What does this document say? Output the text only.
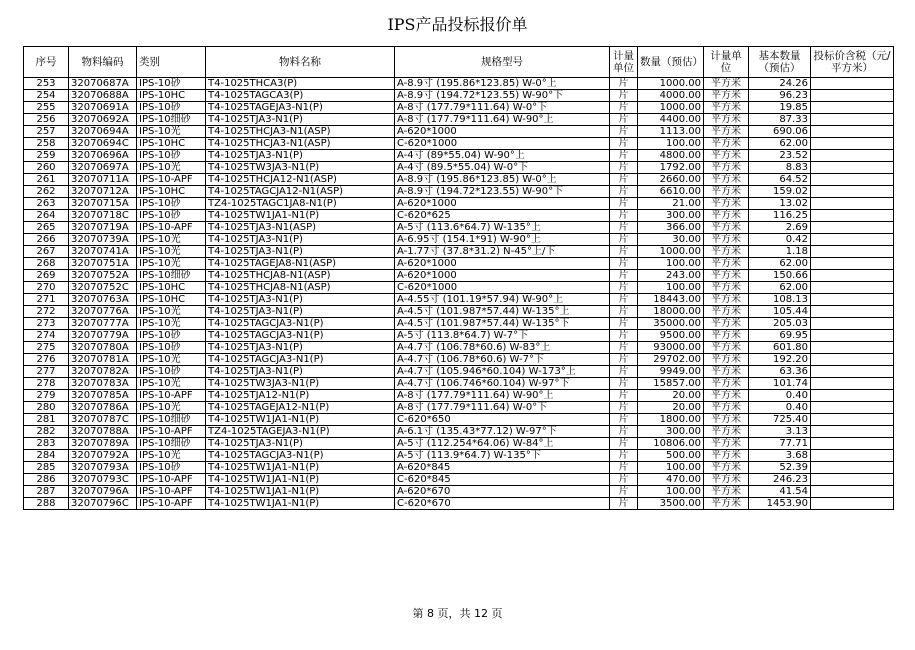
IPS产品投标报价单
序号	物料编码	类别	物料名称	规格型号	计量单位	数量（预估）	计量单位	基本数量（预估）	投标价含税（元/平方米）
253	32070687A	IPS-10砂	T4-1025THCA3(P)	A-8.9寸 (195.86*123.85) W-0°上	片	1000.00	平方米	24.26	
254	32070688A	IPS-10HC	T4-1025TAGCA3(P)	A-8.9寸 (194.72*123.55) W-90°下	片	4000.00	平方米	96.23	
255	32070691A	IPS-10砂	T4-1025TAGEJA3-N1(P)	A-8寸 (177.79*111.64) W-0°下	片	1000.00	平方米	19.85	
256	32070692A	IPS-10细砂	T4-1025TJA3-N1(P)	A-8寸 (177.79*111.64) W-90°上	片	4400.00	平方米	87.33	
257	32070694A	IPS-10光	T4-1025THCJA3-N1(ASP)	A-620*1000	片	1113.00	平方米	690.06	
258	32070694C	IPS-10HC	T4-1025THCJA3-N1(ASP)	C-620*1000	片	100.00	平方米	62.00	
259	32070696A	IPS-10砂	T4-1025TJA3-N1(P)	A-4寸 (89*55.04) W-90°上	片	4800.00	平方米	23.52	
260	32070697A	IPS-10光	T4-1025TW3JA3-N1(P)	A-4寸 (89.5*55.04) W-0°下	片	1792.00	平方米	8.83	
261	32070711A	IPS-10-APF	T4-1025THCJA12-N1(ASP)	A-8.9寸 (195.86*123.85) W-0°上	片	2660.00	平方米	64.52	
262	32070712A	IPS-10HC	T4-1025TAGCJA12-N1(ASP)	A-8.9寸 (194.72*123.55) W-90°下	片	6610.00	平方米	159.02	
263	32070715A	IPS-10砂	TZ4-1025TAGC1JA8-N1(P)	A-620*1000	片	21.00	平方米	13.02	
264	32070718C	IPS-10砂	T4-1025TW1JA1-N1(P)	C-620*625	片	300.00	平方米	116.25	
265	32070719A	IPS-10-APF	T4-1025TJA3-N1(ASP)	A-5寸 (113.6*64.7) W-135°上	片	366.00	平方米	2.69	
266	32070739A	IPS-10光	T4-1025TJA3-N1(P)	A-6.95寸 (154.1*91) W-90°上	片	30.00	平方米	0.42	
267	32070741A	IPS-10光	T4-1025TJA3-N1(P)	A-1.77寸 (37.8*31.2) N-45°上/下	片	1000.00	平方米	1.18	
268	32070751A	IPS-10光	T4-1025TAGEJA8-N1(ASP)	A-620*1000	片	100.00	平方米	62.00	
269	32070752A	IPS-10细砂	T4-1025THCJA8-N1(ASP)	A-620*1000	片	243.00	平方米	150.66	
270	32070752C	IPS-10HC	T4-1025THCJA8-N1(ASP)	C-620*1000	片	100.00	平方米	62.00	
271	32070763A	IPS-10HC	T4-1025TJA3-N1(P)	A-4.55寸 (101.19*57.94) W-90°上	片	18443.00	平方米	108.13	
272	32070776A	IPS-10光	T4-1025TJA3-N1(P)	A-4.5寸 (101.987*57.44) W-135°上	片	18000.00	平方米	105.44	
273	32070777A	IPS-10光	T4-1025TAGCJA3-N1(P)	A-4.5寸 (101.987*57.44) W-135°下	片	35000.00	平方米	205.03	
274	32070779A	IPS-10砂	T4-1025TAGCJA3-N1(P)	A-5寸 (113.8*64.7) W-7°下	片	9500.00	平方米	69.95	
275	32070780A	IPS-10砂	T4-1025TJA3-N1(P)	A-4.7寸 (106.78*60.6) W-83°上	片	93000.00	平方米	601.80	
276	32070781A	IPS-10光	T4-1025TAGCJA3-N1(P)	A-4.7寸 (106.78*60.6) W-7°下	片	29702.00	平方米	192.20	
277	32070782A	IPS-10砂	T4-1025TJA3-N1(P)	A-4.7寸 (105.946*60.104) W-173°上	片	9949.00	平方米	63.36	
278	32070783A	IPS-10光	T4-1025TW3JA3-N1(P)	A-4.7寸 (106.746*60.104) W-97°下	片	15857.00	平方米	101.74	
279	32070785A	IPS-10-APF	T4-1025TJA12-N1(P)	A-8寸 (177.79*111.64) W-90°上	片	20.00	平方米	0.40	
280	32070786A	IPS-10光	T4-1025TAGEJA12-N1(P)	A-8寸 (177.79*111.64) W-0°下	片	20.00	平方米	0.40	
281	32070787C	IPS-10细砂	T4-1025TW1JA1-N1(P)	C-620*650	片	1800.00	平方米	725.40	
282	32070788A	IPS-10-APF	TZ4-1025TAGEJA3-N1(P)	A-6.1寸 (135.43*77.12) W-97°下	片	300.00	平方米	3.13	
283	32070789A	IPS-10细砂	T4-1025TJA3-N1(P)	A-5寸 (112.254*64.06) W-84°上	片	10806.00	平方米	77.71	
284	32070792A	IPS-10光	T4-1025TAGCJA3-N1(P)	A-5寸 (113.9*64.7) W-135°下	片	500.00	平方米	3.68	
285	32070793A	IPS-10砂	T4-1025TW1JA1-N1(P)	A-620*845	片	100.00	平方米	52.39	
286	32070793C	IPS-10-APF	T4-1025TW1JA1-N1(P)	C-620*845	片	470.00	平方米	246.23	
287	32070796A	IPS-10-APF	T4-1025TW1JA1-N1(P)	A-620*670	片	100.00	平方米	41.54	
288	32070796C	IPS-10-APF	T4-1025TW1JA1-N1(P)	C-620*670	片	3500.00	平方米	1453.90	
第 8 页，共 12 页
